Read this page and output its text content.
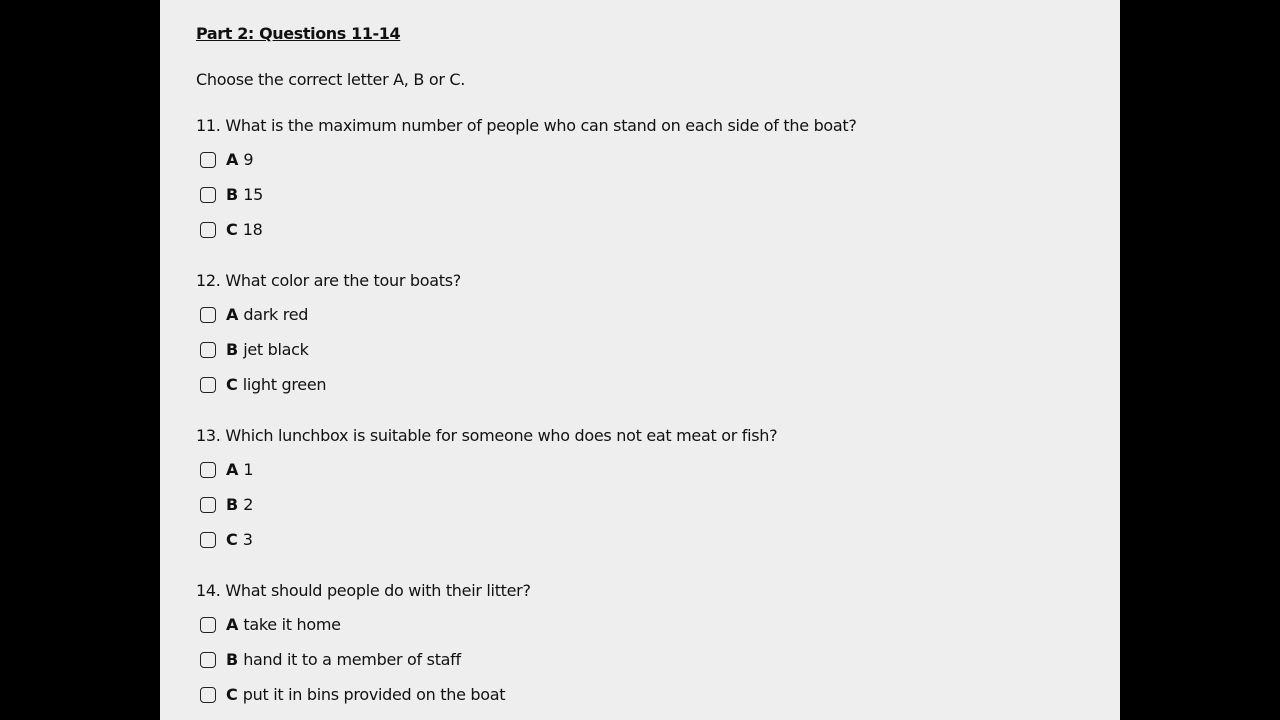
Part 2: Questions 11-14
Choose the correct letter A, B or C.
11. What is the maximum number of people who can stand on each side of the boat?
A 9
B 15
C 18
12. What color are the tour boats?
A dark red
B jet black
C light green
13. Which lunchbox is suitable for someone who does not eat meat or fish?
A 1
B 2
C 3
14. What should people do with their litter?
A take it home
B hand it to a member of staff
C put it in bins provided on the boat
